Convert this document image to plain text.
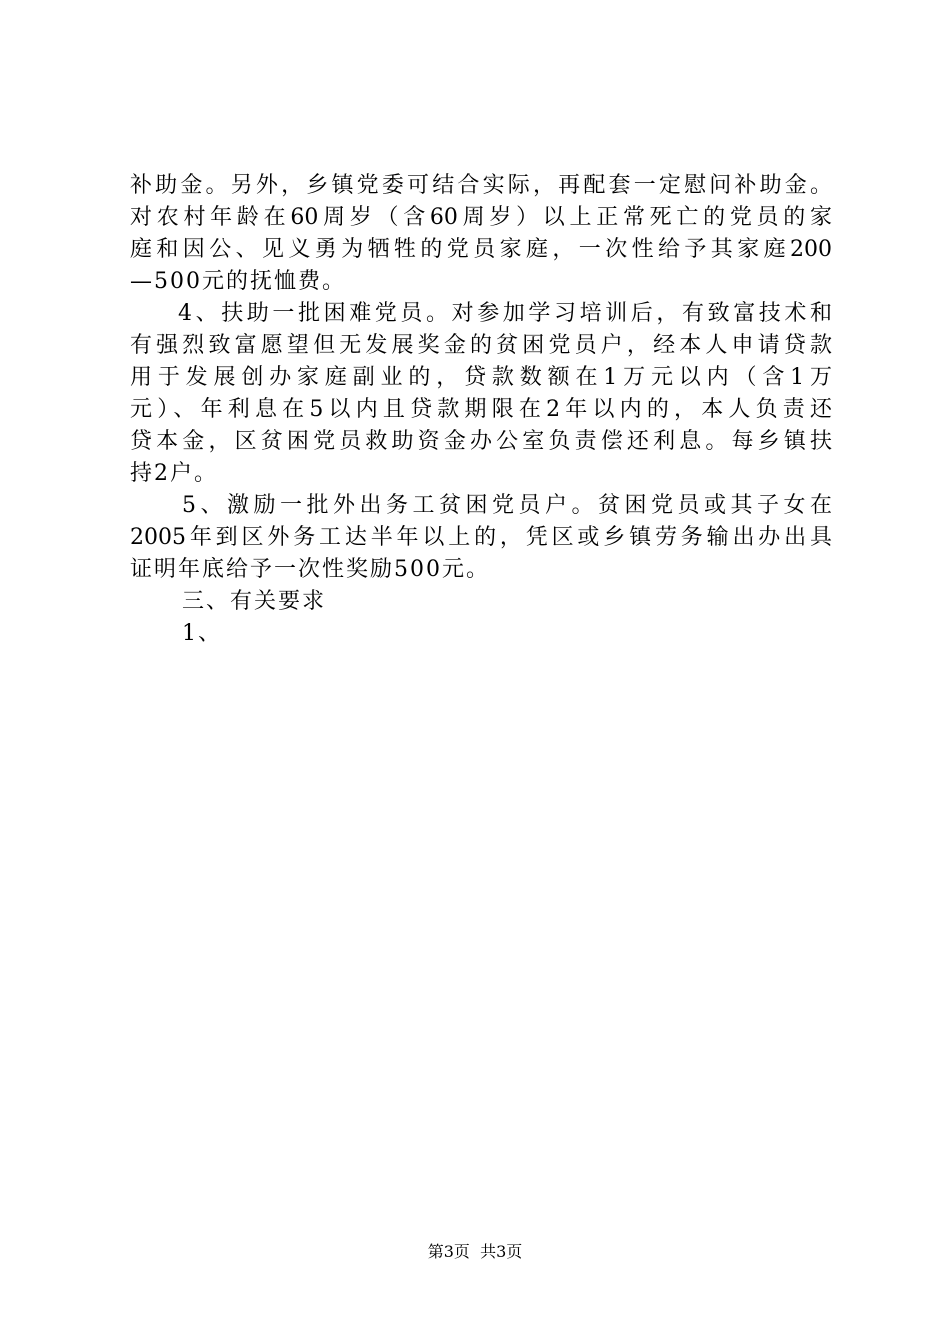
补助金。另外，乡镇党委可结合实际，再配套一定慰问补助金。
对农村年龄在60周岁（含60周岁）以上正常死亡的党员的家
庭和因公、见义勇为牺牲的党员家庭，一次性给予其家庭200
—500元的抚恤费。
4、扶助一批困难党员。对参加学习培训后，有致富技术和
有强烈致富愿望但无发展奖金的贫困党员户，经本人申请贷款
用于发展创办家庭副业的，贷款数额在1万元以内（含1万
元）、年利息在5以内且贷款期限在2年以内的，本人负责还
贷本金，区贫困党员救助资金办公室负责偿还利息。每乡镇扶
持2户。
5、激励一批外出务工贫困党员户。贫困党员或其子女在
2005年到区外务工达半年以上的，凭区或乡镇劳务输出办出具
证明年底给予一次性奖励500元。
三、有关要求
1、
第3页 共3页
